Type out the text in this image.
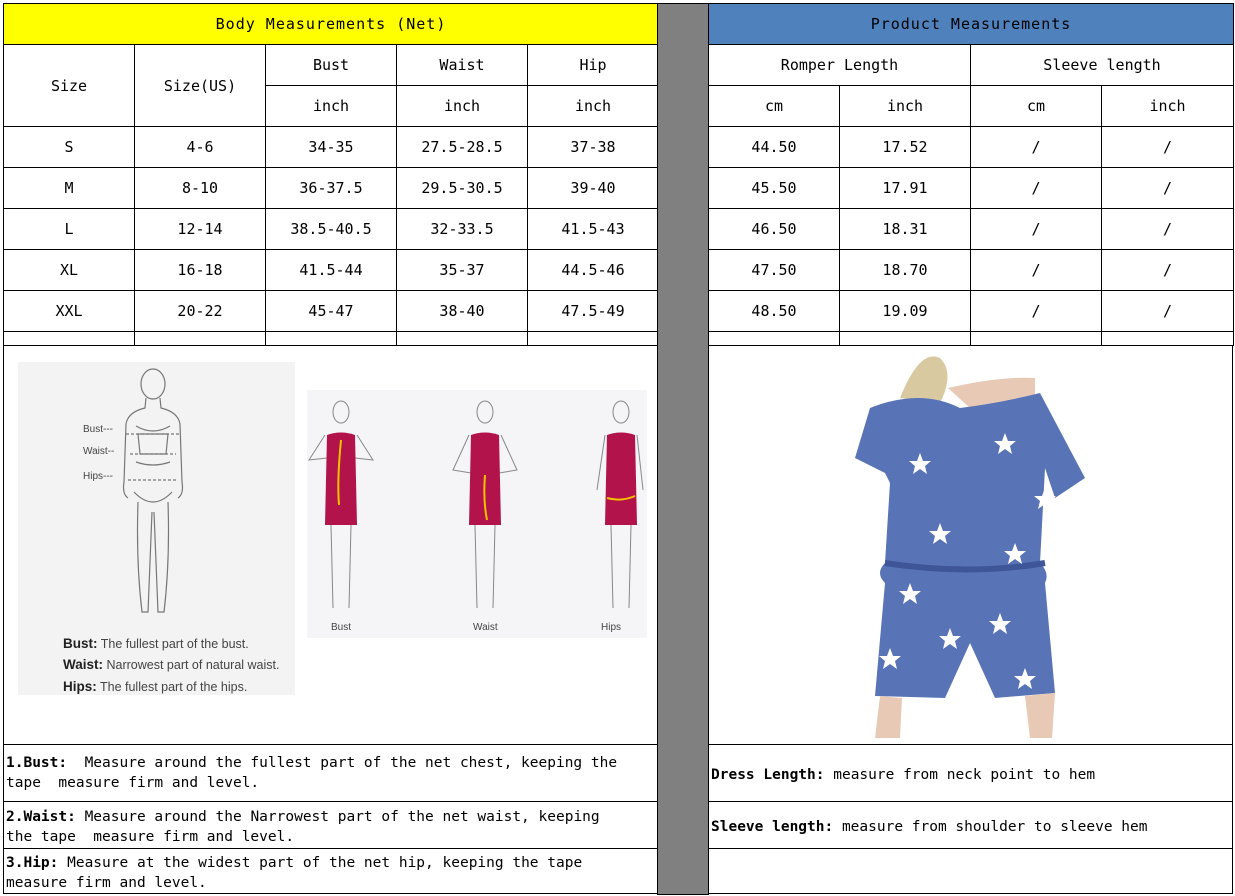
Body Measurements (Net)				
Size	Size(US)	Bust	Waist	Hip
		inch	inch	inch
S	4-6	34-35	27.5-28.5	37-38
M	8-10	36-37.5	29.5-30.5	39-40
L	12-14	38.5-40.5	32-33.5	41.5-43
XL	16-18	41.5-44	35-37	44.5-46
XXL	20-22	45-47	38-40	47.5-49

Product Measurements			
Romper Length		Sleeve length	
cm	inch	cm	inch
44.50	17.52	/	/
45.50	17.91	/	/
46.50	18.31	/	/
47.50	18.70	/	/
48.50	19.09	/	/

Bust---
Waist--
Hips---
Bust: The fullest part of the bust.
Waist: Narrowest part of natural waist.
Hips: The fullest part of the hips.
Bust	Waist	Hips
1.Bust:  Measure around the fullest part of the net chest, keeping the
tape  measure firm and level.
2.Waist: Measure around the Narrowest part of the net waist, keeping
the tape  measure firm and level.
3.Hip: Measure at the widest part of the net hip, keeping the tape
measure firm and level.
Dress Length: measure from neck point to hem
Sleeve length: measure from shoulder to sleeve hem
